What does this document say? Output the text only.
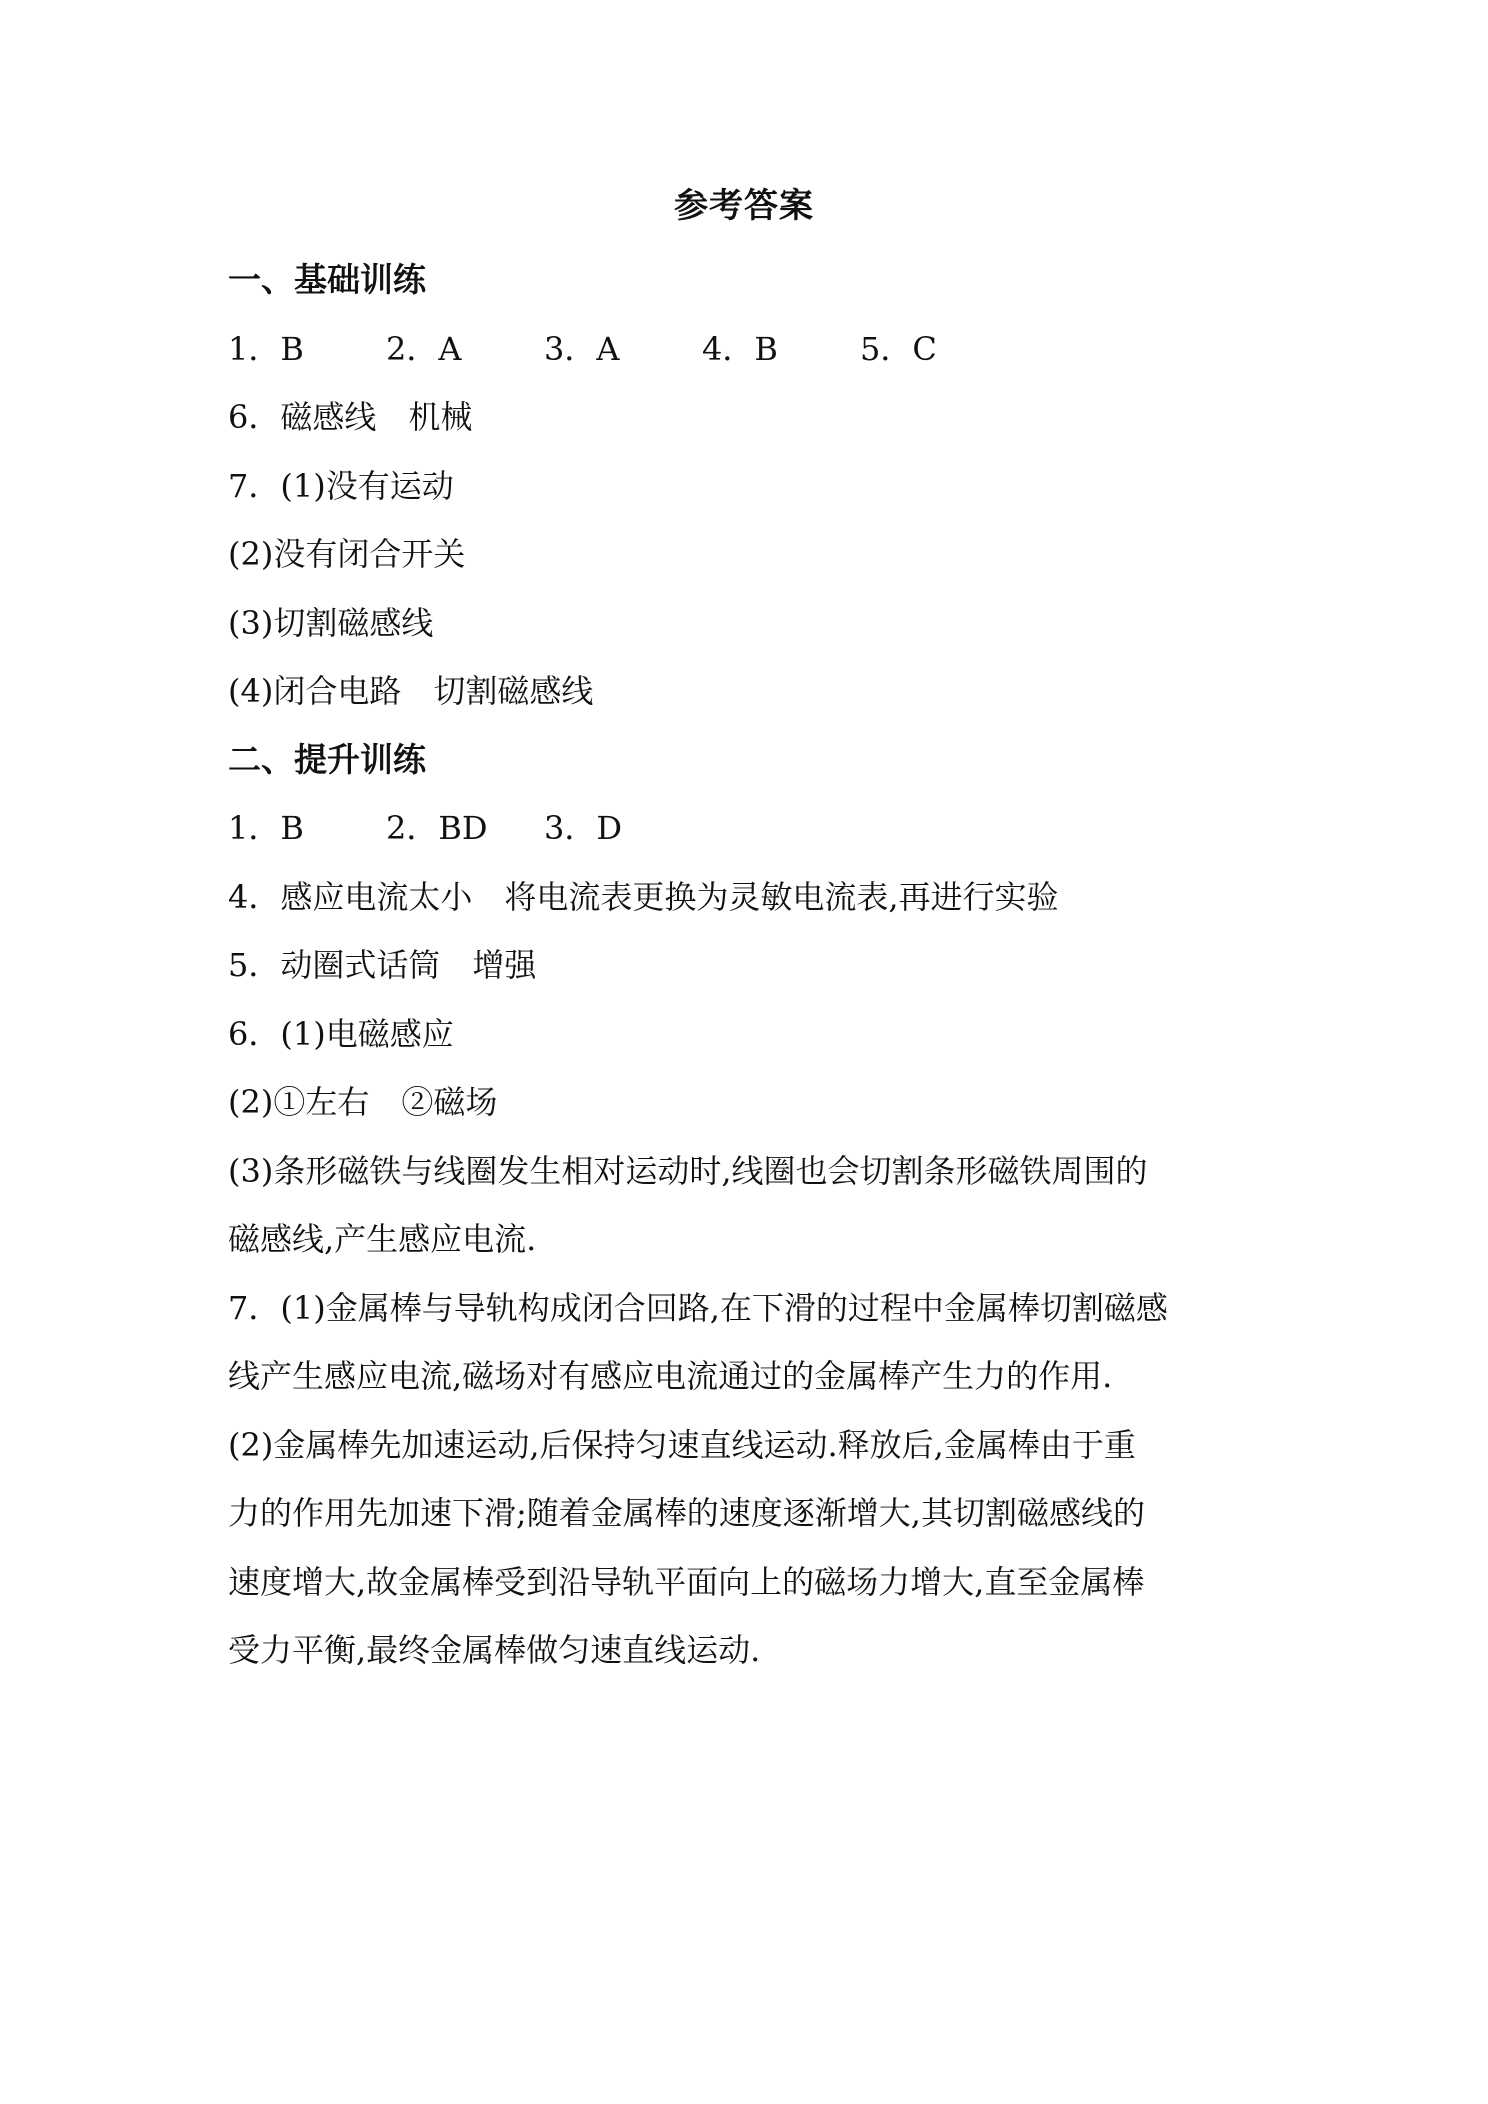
参考答案
一、基础训练
1．B	2．A	3．A	4．B	5．C
6．磁感线　机械
7．(1)没有运动
(2)没有闭合开关
(3)切割磁感线
(4)闭合电路　切割磁感线
二、提升训练
1．B	2．BD	3．D
4．感应电流太小　将电流表更换为灵敏电流表,再进行实验
5．动圈式话筒　增强
6．(1)电磁感应
(2)①左右　②磁场
(3)条形磁铁与线圈发生相对运动时,线圈也会切割条形磁铁周围的
磁感线,产生感应电流.
7．(1)金属棒与导轨构成闭合回路,在下滑的过程中金属棒切割磁感
线产生感应电流,磁场对有感应电流通过的金属棒产生力的作用.
(2)金属棒先加速运动,后保持匀速直线运动.释放后,金属棒由于重
力的作用先加速下滑;随着金属棒的速度逐渐增大,其切割磁感线的
速度增大,故金属棒受到沿导轨平面向上的磁场力增大,直至金属棒
受力平衡,最终金属棒做匀速直线运动.
